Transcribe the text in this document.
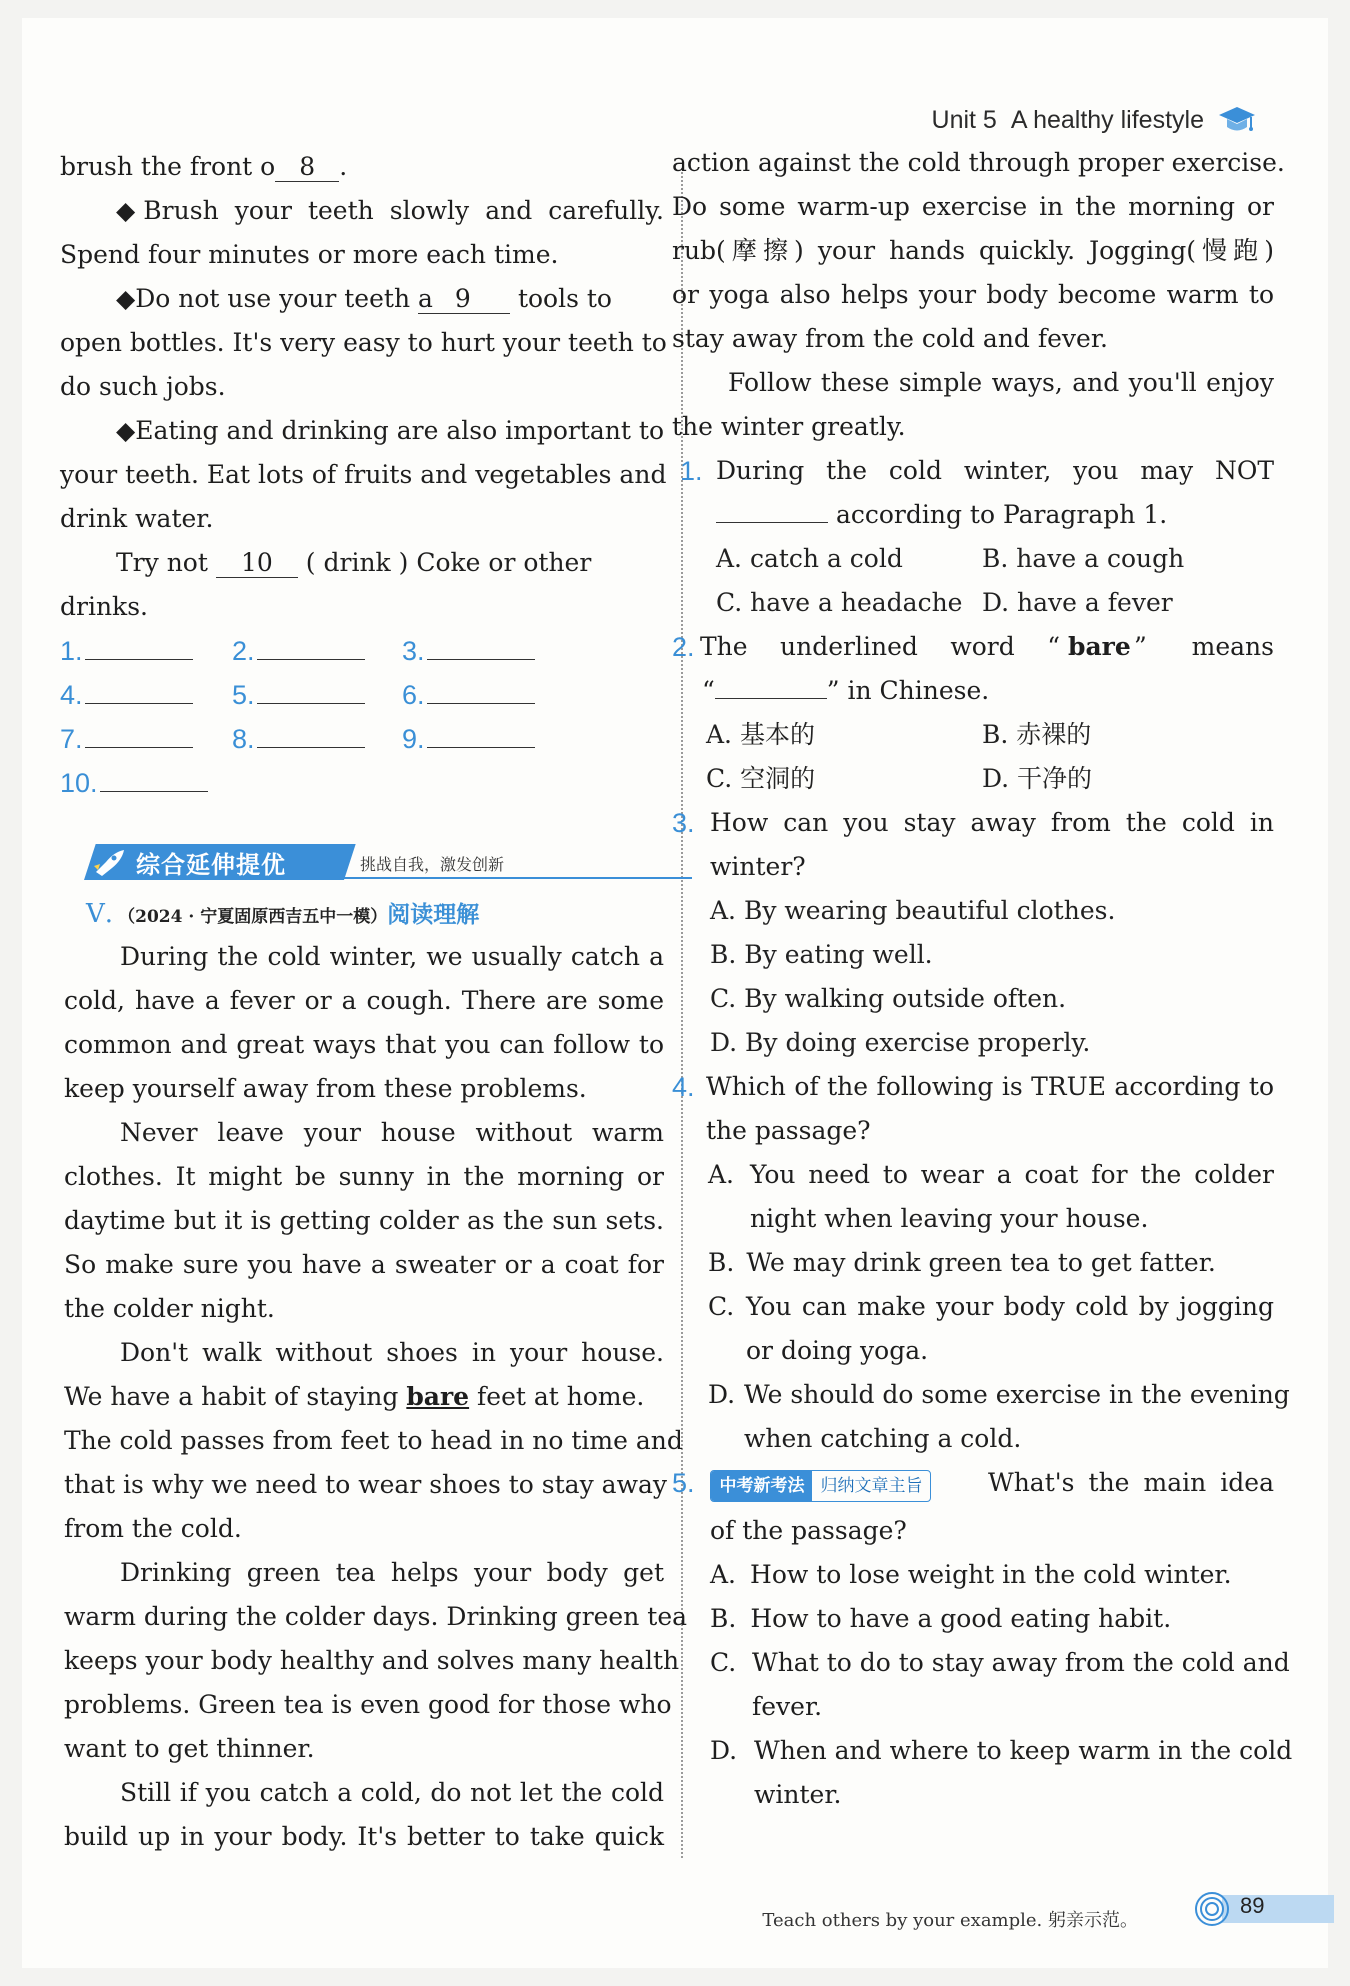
Unit 5 A healthy lifestyle
brush the front o 8 .
◆Brush your teeth slowly and carefully.
Spend four minutes or more each time.
◆Do not use your teeth a 9 tools to
open bottles. It's very easy to hurt your teeth to
do such jobs.
◆Eating and drinking are also important to
your teeth. Eat lots of fruits and vegetables and
drink water.
Try not 10 ( drink ) Coke or other
drinks.
1.	2.	3.
4.	5.	6.
7.	8.	9.
10.
综合延伸提优	挑战自我，激发创新
Ⅴ. （2024 · 宁夏固原西吉五中一模）阅读理解
During the cold winter, we usually catch a
cold, have a fever or a cough. There are some
common and great ways that you can follow to
keep yourself away from these problems.
Never leave your house without warm
clothes. It might be sunny in the morning or
daytime but it is getting colder as the sun sets.
So make sure you have a sweater or a coat for
the colder night.
Don't walk without shoes in your house.
We have a habit of staying bare feet at home.
The cold passes from feet to head in no time and
that is why we need to wear shoes to stay away
from the cold.
Drinking green tea helps your body get
warm during the colder days. Drinking green tea
keeps your body healthy and solves many health
problems. Green tea is even good for those who
want to get thinner.
Still if you catch a cold, do not let the cold
build up in your body. It's better to take quick
action against the cold through proper exercise.
Do some warm-up exercise in the morning or
rub(摩擦) your hands quickly. Jogging(慢跑)
or yoga also helps your body become warm to
stay away from the cold and fever.
Follow these simple ways, and you'll enjoy
the winter greatly.
1. During the cold winter, you may NOT
according to Paragraph 1.
A. catch a cold	B. have a cough
C. have a headache D. have a fever
2. The underlined word “ bare ” means
“	” in Chinese.
A. 基本的	B. 赤裸的
C. 空洞的	D. 干净的
3. How can you stay away from the cold in
winter?
A. By wearing beautiful clothes.
B. By eating well.
C. By walking outside often.
D. By doing exercise properly.
4. Which of the following is TRUE according to
the passage?
A. You need to wear a coat for the colder
night when leaving your house.
B. We may drink green tea to get fatter.
C. You can make your body cold by jogging
or doing yoga.
D. We should do some exercise in the evening
when catching a cold.
5.	中考新考法 归纳文章主旨	What's the main idea
of the passage?
A. How to lose weight in the cold winter.
B. How to have a good eating habit.
C. What to do to stay away from the cold and
fever.
D. When and where to keep warm in the cold
winter.
Teach others by your example. 躬亲示范。
89
